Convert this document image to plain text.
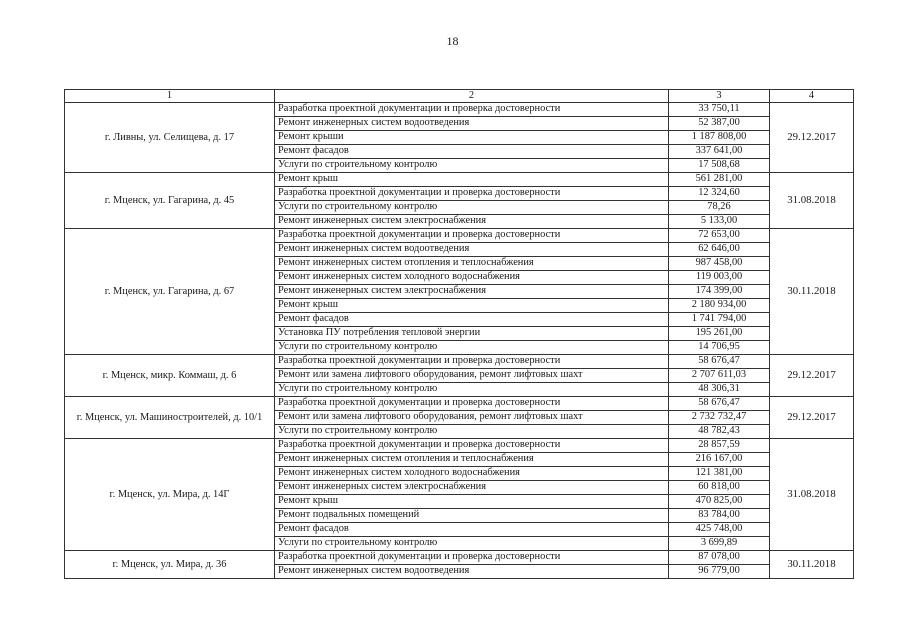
18
1	2	3	4
г. Ливны, ул. Селищева, д. 17	Разработка проектной документации и проверка достоверности	33 750,11	29.12.2017
	Ремонт инженерных систем водоотведения	52 387,00	
	Ремонт крыши	1 187 808,00	
	Ремонт фасадов	337 641,00	
	Услуги по строительному контролю	17 508,68	
г. Мценск, ул. Гагарина, д. 45	Ремонт крыш	561 281,00	31.08.2018
	Разработка проектной документации и проверка достоверности	12 324,60	
	Услуги по строительному контролю	78,26	
	Ремонт инженерных систем электроснабжения	5 133,00	
г. Мценск, ул. Гагарина, д. 67	Разработка проектной документации и проверка достоверности	72 653,00	30.11.2018
	Ремонт инженерных систем водоотведения	62 646,00	
	Ремонт инженерных систем отопления и теплоснабжения	987 458,00	
	Ремонт инженерных систем холодного водоснабжения	119 003,00	
	Ремонт инженерных систем электроснабжения	174 399,00	
	Ремонт крыш	2 180 934,00	
	Ремонт фасадов	1 741 794,00	
	Установка ПУ потребления тепловой энергии	195 261,00	
	Услуги по строительному контролю	14 706,95	
г. Мценск, микр. Коммаш, д. 6	Разработка проектной документации и проверка достоверности	58 676,47	29.12.2017
	Ремонт или замена лифтового оборудования, ремонт лифтовых шахт	2 707 611,03	
	Услуги по строительному контролю	48 306,31	
г. Мценск, ул. Машиностроителей, д. 10/1	Разработка проектной документации и проверка достоверности	58 676,47	29.12.2017
	Ремонт или замена лифтового оборудования, ремонт лифтовых шахт	2 732 732,47	
	Услуги по строительному контролю	48 782,43	
г. Мценск, ул. Мира, д. 14Г	Разработка проектной документации и проверка достоверности	28 857,59	31.08.2018
	Ремонт инженерных систем отопления и теплоснабжения	216 167,00	
	Ремонт инженерных систем холодного водоснабжения	121 381,00	
	Ремонт инженерных систем электроснабжения	60 818,00	
	Ремонт крыш	470 825,00	
	Ремонт подвальных помещений	83 784,00	
	Ремонт фасадов	425 748,00	
	Услуги по строительному контролю	3 699,89	
г. Мценск, ул. Мира, д. 36	Разработка проектной документации и проверка достоверности	87 078,00	30.11.2018
	Ремонт инженерных систем водоотведения	96 779,00	
